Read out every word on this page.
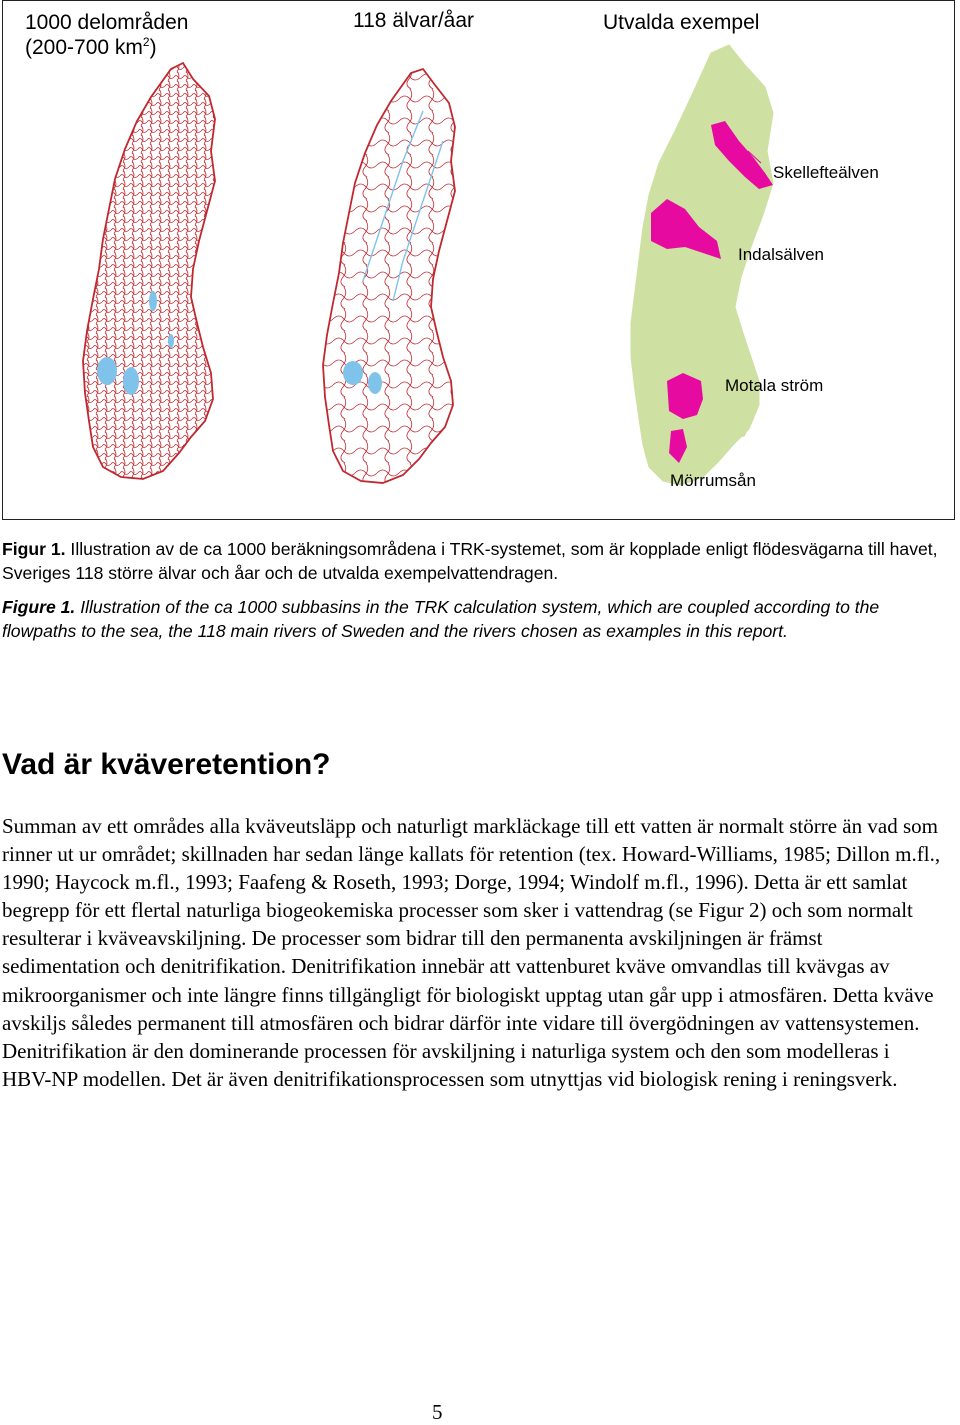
1000 delområden
(200-700 $km^2$)
118 älvar/åar	Utvalda exempel
Skellefteälven
Indalsälven
Motala ström
Mörrumsån

Figur 1. Illustration av de ca 1000 beräkningsområdena i TRK-systemet, som är kopplade enligt flödesvägarna till havet, Sveriges 118 större älvar och åar och de utvalda exempelvattendragen.

Figure 1. Illustration of the ca 1000 subbasins in the TRK calculation system, which are coupled according to the flowpaths to the sea, the 118 main rivers of Sweden and the rivers chosen as examples in this report.

Vad är kväveretention?

Summan av ett områdes alla kväveutsläpp och naturligt markläckage till ett vatten är normalt större än vad som rinner ut ur området; skillnaden har sedan länge kallats för retention (tex. Howard-Williams, 1985; Dillon m.fl., 1990; Haycock m.fl., 1993; Faafeng & Roseth, 1993; Dorge, 1994; Windolf m.fl., 1996). Detta är ett samlat begrepp för ett flertal naturliga biogeokemiska processer som sker i vattendrag (se Figur 2) och som normalt resulterar i kväveavskiljning. De processer som bidrar till den permanenta avskiljningen är främst sedimentation och denitrifikation. Denitrifikation innebär att vattenburet kväve omvandlas till kvävgas av mikroorganismer och inte längre finns tillgängligt för biologiskt upptag utan går upp i atmosfären. Detta kväve avskiljs således permanent till atmosfären och bidrar därför inte vidare till övergödningen av vattensystemen. Denitrifikation är den dominerande processen för avskiljning i naturliga system och den som modelleras i HBV-NP modellen. Det är även denitrifikationsprocessen som utnyttjas vid biologisk rening i reningsverk.

5
